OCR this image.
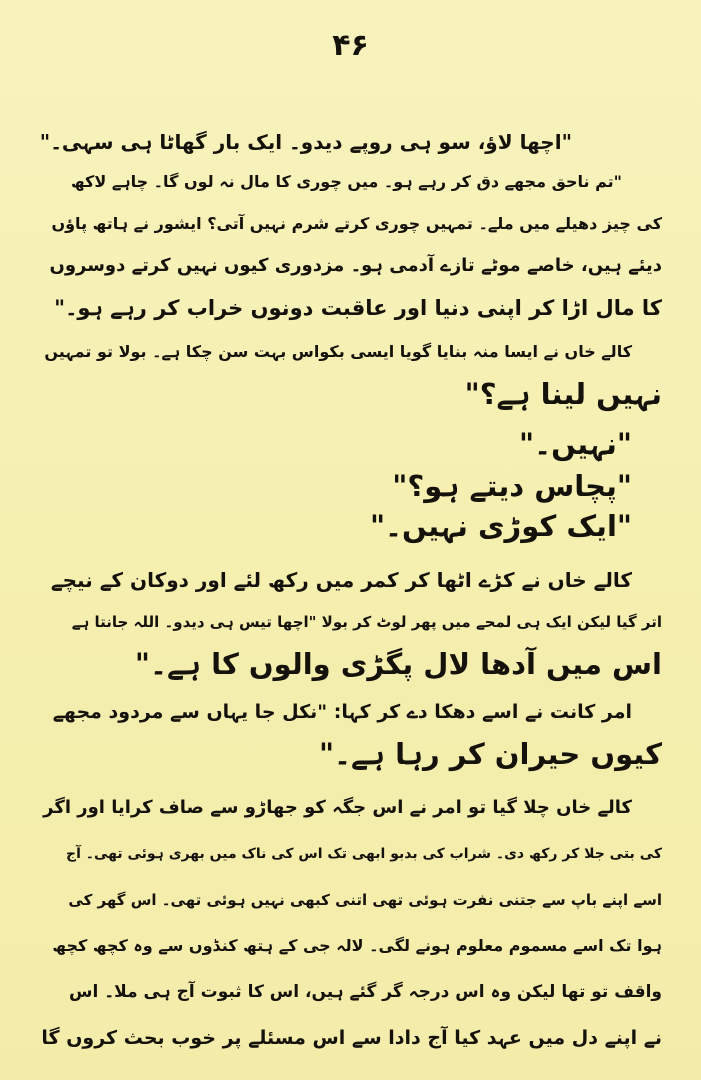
۴۶
"اچھا لاؤ، سو ہی روپے دیدو۔ ایک بار گھاٹا ہی سہی۔"
"تم ناحق مجھے دق کر رہے ہو۔ میں چوری کا مال نہ لوں گا۔ چاہے لاکھ
کی چیز دھیلے میں ملے۔ تمہیں چوری کرتے شرم نہیں آتی؟ ایشور نے ہاتھ پاؤں
دیئے ہیں، خاصے موٹے تازے آدمی ہو۔ مزدوری کیوں نہیں کرتے دوسروں
کا مال اڑا کر اپنی دنیا اور عاقبت دونوں خراب کر رہے ہو۔"
کالے خاں نے ایسا منہ بنایا گویا ایسی بکواس بہت سن چکا ہے۔ بولا تو تمہیں
نہیں لینا ہے؟"
"نہیں۔"
"پچاس دیتے ہو؟"
"ایک کوڑی نہیں۔"
کالے خاں نے کڑے اٹھا کر کمر میں رکھ لئے اور دوکان کے نیچے
اتر گیا لیکن ایک ہی لمحے میں پھر لوٹ کر بولا "اچھا تیس ہی دیدو۔ اللہ جانتا ہے
اس میں آدھا لال پگڑی والوں کا ہے۔"
امر کانت نے اسے دھکا دے کر کہا: "نکل جا یہاں سے مردود مجھے
کیوں حیران کر رہا ہے۔"
کالے خاں چلا گیا تو امر نے اس جگہ کو جھاڑو سے صاف کرایا اور اگر
کی بتی جلا کر رکھ دی۔ شراب کی بدبو ابھی تک اس کی ناک میں بھری ہوئی تھی۔ آج
اسے اپنے باپ سے جتنی نفرت ہوئی تھی اتنی کبھی نہیں ہوئی تھی۔ اس گھر کی
ہوا تک اسے مسموم معلوم ہونے لگی۔ لالہ جی کے ہتھ کنڈوں سے وہ کچھ کچھ
واقف تو تھا لیکن وہ اس درجہ گر گئے ہیں، اس کا ثبوت آج ہی ملا۔ اس
نے اپنے دل میں عہد کیا آج دادا سے اس مسئلے پر خوب بحث کروں گا
